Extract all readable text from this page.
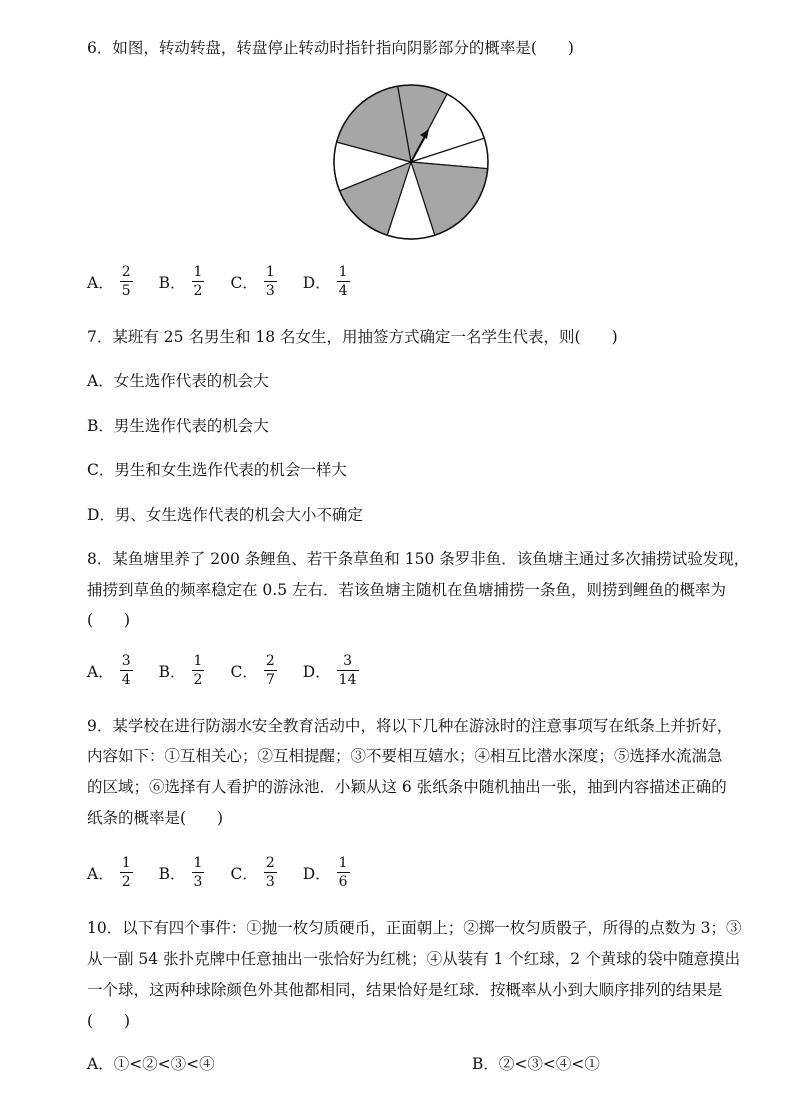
6．如图，转动转盘，转盘停止转动时指针指向阴影部分的概率是(　　)
A． $\frac{2}{5}$ B． $\frac{1}{2}$ C． $\frac{1}{3}$ D． $\frac{1}{4}$
7．某班有 25 名男生和 18 名女生，用抽签方式确定一名学生代表，则(　　)
A．女生选作代表的机会大
B．男生选作代表的机会大
C．男生和女生选作代表的机会一样大
D．男、女生选作代表的机会大小不确定
8．某鱼塘里养了 200 条鲤鱼、若干条草鱼和 150 条罗非鱼．该鱼塘主通过多次捕捞试验发现，
捕捞到草鱼的频率稳定在 0.5 左右．若该鱼塘主随机在鱼塘捕捞一条鱼，则捞到鲤鱼的概率为
(　　)
A． $\frac{3}{4}$ B． $\frac{1}{2}$ C． $\frac{2}{7}$ D． $\frac{3}{14}$
9．某学校在进行防溺水安全教育活动中，将以下几种在游泳时的注意事项写在纸条上并折好，
内容如下：①互相关心；②互相提醒；③不要相互嬉水；④相互比潜水深度；⑤选择水流湍急
的区域；⑥选择有人看护的游泳池．小颖从这 6 张纸条中随机抽出一张，抽到内容描述正确的
纸条的概率是(　　)
A． $\frac{1}{2}$ B． $\frac{1}{3}$ C． $\frac{2}{3}$ D． $\frac{1}{6}$
10．以下有四个事件：①抛一枚匀质硬币，正面朝上；②掷一枚匀质骰子，所得的点数为 3；③
从一副 54 张扑克牌中任意抽出一张恰好为红桃；④从装有 1 个红球，2 个黄球的袋中随意摸出
一个球，这两种球除颜色外其他都相同，结果恰好是红球．按概率从小到大顺序排列的结果是
(　　)
A．①<②<③<④	B．②<③<④<①
